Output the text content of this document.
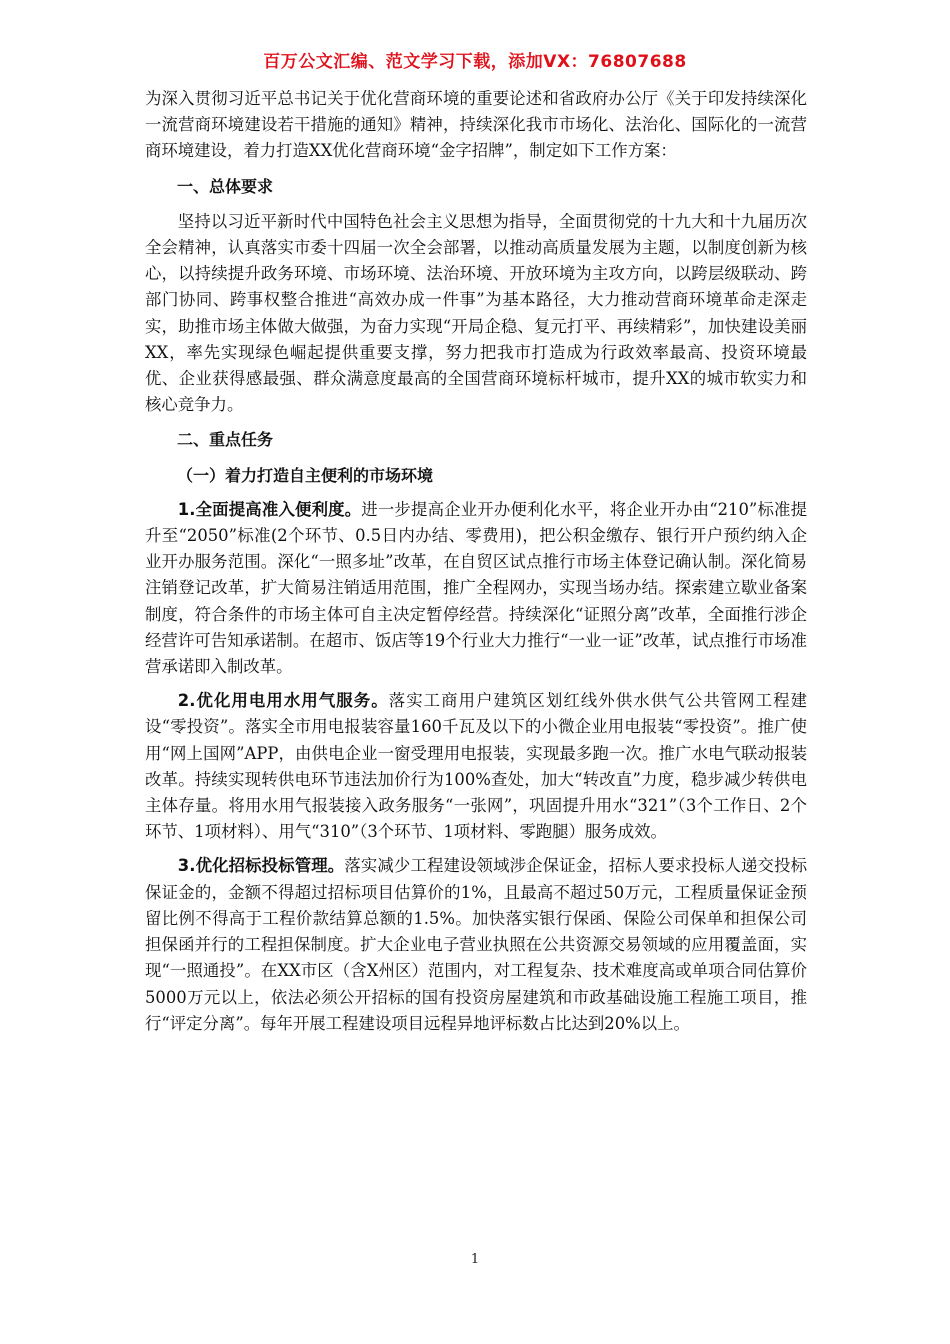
百万公文汇编、范文学习下载，添加VX：76807688

为深入贯彻习近平总书记关于优化营商环境的重要论述和省政府办公厅《关于印发持续深化一流营商环境建设若干措施的通知》精神，持续深化我市市场化、法治化、国际化的一流营商环境建设，着力打造XX优化营商环境“金字招牌”，制定如下工作方案：

一、总体要求

坚持以习近平新时代中国特色社会主义思想为指导，全面贯彻党的十九大和十九届历次全会精神，认真落实市委十四届一次全会部署，以推动高质量发展为主题，以制度创新为核心，以持续提升政务环境、市场环境、法治环境、开放环境为主攻方向，以跨层级联动、跨部门协同、跨事权整合推进“高效办成一件事”为基本路径，大力推动营商环境革命走深走实，助推市场主体做大做强，为奋力实现“开局企稳、复元打平、再续精彩”，加快建设美丽XX，率先实现绿色崛起提供重要支撑，努力把我市打造成为行政效率最高、投资环境最优、企业获得感最强、群众满意度最高的全国营商环境标杆城市，提升XX的城市软实力和核心竞争力。

二、重点任务

（一）着力打造自主便利的市场环境

1.全面提高准入便利度。进一步提高企业开办便利化水平，将企业开办由“210”标准提升至“2050”标准(2个环节、0.5日内办结、零费用)，把公积金缴存、银行开户预约纳入企业开办服务范围。深化“一照多址”改革，在自贸区试点推行市场主体登记确认制。深化简易注销登记改革，扩大简易注销适用范围，推广全程网办，实现当场办结。探索建立歇业备案制度，符合条件的市场主体可自主决定暂停经营。持续深化“证照分离”改革，全面推行涉企经营许可告知承诺制。在超市、饭店等19个行业大力推行“一业一证”改革，试点推行市场准营承诺即入制改革。

2.优化用电用水用气服务。落实工商用户建筑区划红线外供水供气公共管网工程建设“零投资”。落实全市用电报装容量160千瓦及以下的小微企业用电报装“零投资”。推广使用“网上国网”APP，由供电企业一窗受理用电报装，实现最多跑一次。推广水电气联动报装改革。持续实现转供电环节违法加价行为100%查处，加大“转改直”力度，稳步减少转供电主体存量。将用水用气报装接入政务服务“一张网”，巩固提升用水“321”（3个工作日、2个环节、1项材料）、用气“310”（3个环节、1项材料、零跑腿）服务成效。

3.优化招标投标管理。落实减少工程建设领域涉企保证金，招标人要求投标人递交投标保证金的，金额不得超过招标项目估算价的1%，且最高不超过50万元，工程质量保证金预留比例不得高于工程价款结算总额的1.5%。加快落实银行保函、保险公司保单和担保公司担保函并行的工程担保制度。扩大企业电子营业执照在公共资源交易领域的应用覆盖面，实现“一照通投”。在XX市区（含X州区）范围内，对工程复杂、技术难度高或单项合同估算价5000万元以上，依法必须公开招标的国有投资房屋建筑和市政基础设施工程施工项目，推行“评定分离”。每年开展工程建设项目远程异地评标数占比达到20%以上。

1
